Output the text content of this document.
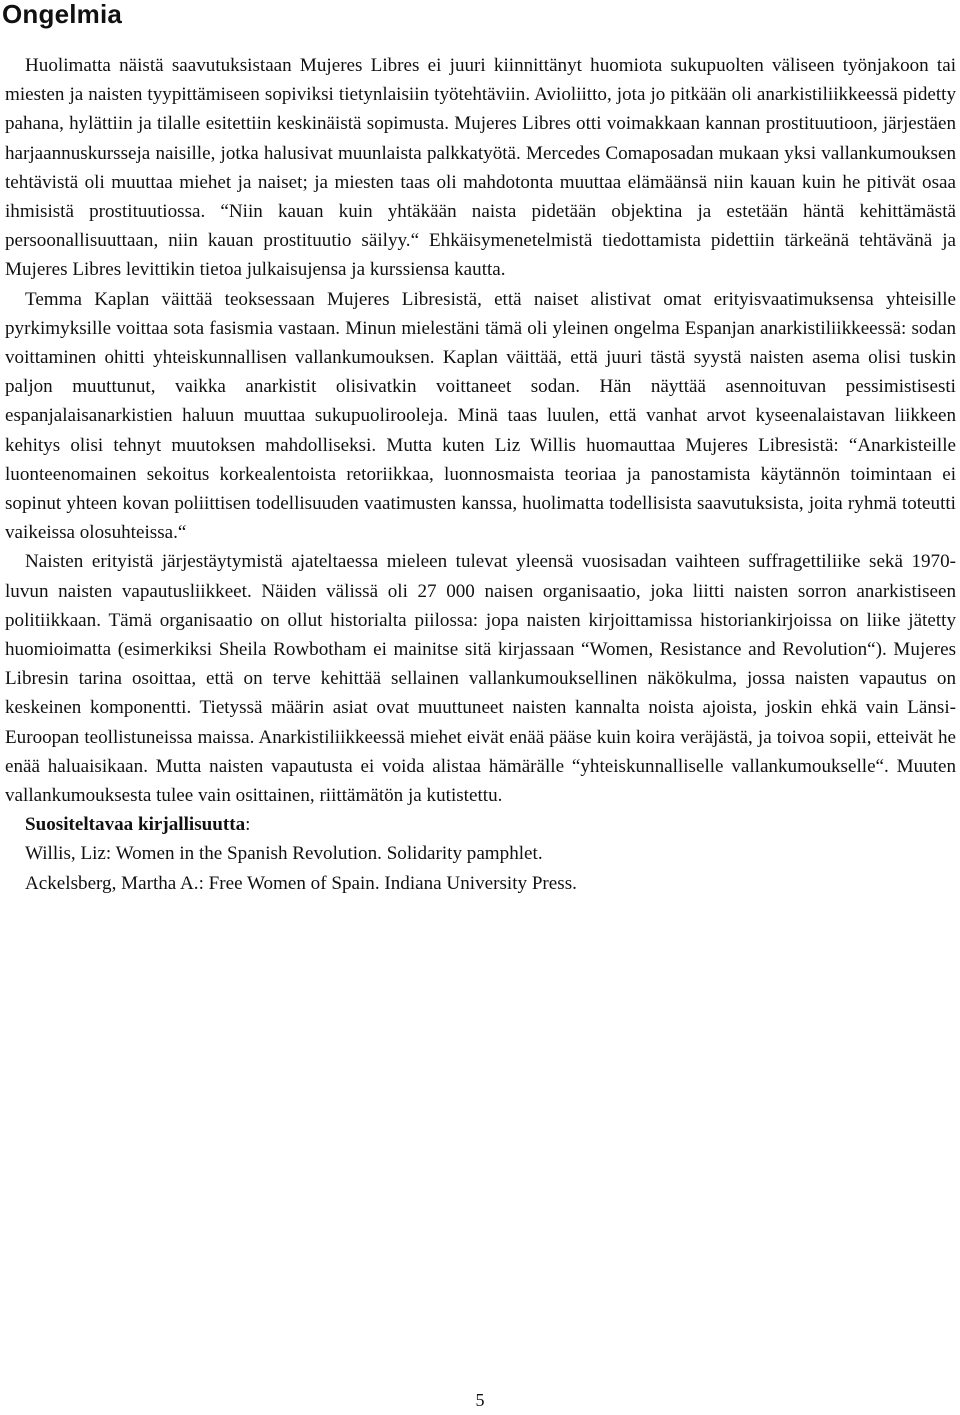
Ongelmia

Huolimatta näistä saavutuksistaan Mujeres Libres ei juuri kiinnittänyt huomiota sukupuolten väliseen työnjakoon tai miesten ja naisten tyypittämiseen sopiviksi tietynlaisiin työtehtäviin. Avioliitto, jota jo pitkään oli anarkistiliikkeessä pidetty pahana, hylättiin ja tilalle esitettiin keskinäistä sopimusta. Mujeres Libres otti voimakkaan kannan prostituutioon, järjestäen harjaannuskursseja naisille, jotka halusivat muunlaista palkkatyötä. Mercedes Comaposadan mukaan yksi vallankumouksen tehtävistä oli muuttaa miehet ja naiset; ja miesten taas oli mahdotonta muuttaa elämäänsä niin kauan kuin he pitivät osaa ihmisistä prostituutiossa. “Niin kauan kuin yhtäkään naista pidetään objektina ja estetään häntä kehittämästä persoonallisuuttaan, niin kauan prostituutio säilyy.“ Ehkäisymenetelmistä tiedottamista pidettiin tärkeänä tehtävänä ja Mujeres Libres levittikin tietoa julkaisujensa ja kurssiensa kautta.

Temma Kaplan väittää teoksessaan Mujeres Libresistä, että naiset alistivat omat erityisvaatimuksensa yhteisille pyrkimyksille voittaa sota fasismia vastaan. Minun mielestäni tämä oli yleinen ongelma Espanjan anarkistiliikkeessä: sodan voittaminen ohitti yhteiskunnallisen vallankumouksen. Kaplan väittää, että juuri tästä syystä naisten asema olisi tuskin paljon muuttunut, vaikka anarkistit olisivatkin voittaneet sodan. Hän näyttää asennoituvan pessimistisesti espanjalaisanarkistien haluun muuttaa sukupuolirooleja. Minä taas luulen, että vanhat arvot kyseenalaistavan liikkeen kehitys olisi tehnyt muutoksen mahdolliseksi. Mutta kuten Liz Willis huomauttaa Mujeres Libresistä: “Anarkisteille luonteenomainen sekoitus korkealentoista retoriikkaa, luonnosmaista teoriaa ja panostamista käytännön toimintaan ei sopinut yhteen kovan poliittisen todellisuuden vaatimusten kanssa, huolimatta todellisista saavutuksista, joita ryhmä toteutti vaikeissa olosuhteissa.“

Naisten erityistä järjestäytymistä ajateltaessa mieleen tulevat yleensä vuosisadan vaihteen suffragettiliike sekä 1970-luvun naisten vapautusliikkeet. Näiden välissä oli 27 000 naisen organisaatio, joka liitti naisten sorron anarkistiseen politiikkaan. Tämä organisaatio on ollut historialta piilossa: jopa naisten kirjoittamissa historiankirjoissa on liike jätetty huomioimatta (esimerkiksi Sheila Rowbotham ei mainitse sitä kirjassaan “Women, Resistance and Revolution“). Mujeres Libresin tarina osoittaa, että on terve kehittää sellainen vallankumouksellinen näkökulma, jossa naisten vapautus on keskeinen komponentti. Tietyssä määrin asiat ovat muuttuneet naisten kannalta noista ajoista, joskin ehkä vain Länsi-Euroopan teollistuneissa maissa. Anarkistiliikkeessä miehet eivät enää pääse kuin koira veräjästä, ja toivoa sopii, etteivät he enää haluaisikaan. Mutta naisten vapautusta ei voida alistaa hämärälle “yhteiskunnalliselle vallankumoukselle“. Muuten vallankumouksesta tulee vain osittainen, riittämätön ja kutistettu.

Suositeltavaa kirjallisuutta:
Willis, Liz: Women in the Spanish Revolution. Solidarity pamphlet.
Ackelsberg, Martha A.: Free Women of Spain. Indiana University Press.
5
